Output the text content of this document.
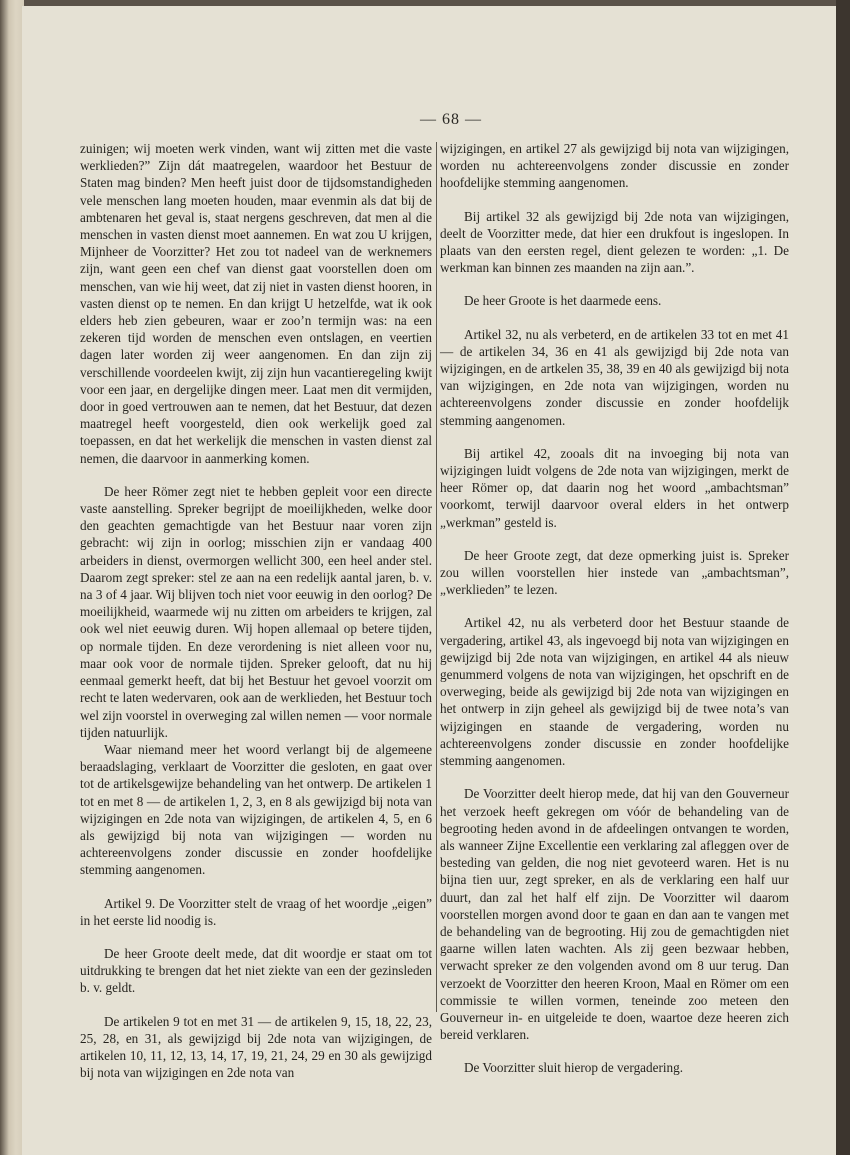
— 68 —

zuinigen; wij moeten werk vinden, want wij zitten met die vaste werklieden?” Zijn dát maatregelen, waardoor het Bestuur de Staten mag binden? Men heeft juist door de tijdsomstandigheden vele menschen lang moeten houden, maar evenmin als dat bij de ambtenaren het geval is, staat nergens geschreven, dat men al die menschen in vasten dienst moet aannemen. En wat zou U krijgen, Mijnheer de Voorzitter? Het zou tot nadeel van de werknemers zijn, want geen een chef van dienst gaat voorstellen doen om menschen, van wie hij weet, dat zij niet in vasten dienst hooren, in vasten dienst op te nemen. En dan krijgt U hetzelfde, wat ik ook elders heb zien gebeuren, waar er zoo’n termijn was: na een zekeren tijd worden de menschen even ontslagen, en veertien dagen later worden zij weer aangenomen. En dan zijn zij verschillende voordeelen kwijt, zij zijn hun vacantieregeling kwijt voor een jaar, en dergelijke dingen meer. Laat men dit vermijden, door in goed vertrouwen aan te nemen, dat het Bestuur, dat dezen maatregel heeft voorgesteld, dien ook werkelijk goed zal toepassen, en dat het werkelijk die menschen in vasten dienst zal nemen, die daarvoor in aanmerking komen.

De heer Römer zegt niet te hebben gepleit voor een directe vaste aanstelling. Spreker begrijpt de moeilijkheden, welke door den geachten gemachtigde van het Bestuur naar voren zijn gebracht: wij zijn in oorlog; misschien zijn er vandaag 400 arbeiders in dienst, overmorgen wellicht 300, een heel ander stel. Daarom zegt spreker: stel ze aan na een redelijk aantal jaren, b. v. na 3 of 4 jaar. Wij blijven toch niet voor eeuwig in den oorlog? De moeilijkheid, waarmede wij nu zitten om arbeiders te krijgen, zal ook wel niet eeuwig duren. Wij hopen allemaal op betere tijden, op normale tijden. En deze verordening is niet alleen voor nu, maar ook voor de normale tijden. Spreker gelooft, dat nu hij eenmaal gemerkt heeft, dat bij het Bestuur het gevoel voorzit om recht te laten wedervaren, ook aan de werklieden, het Bestuur toch wel zijn voorstel in overweging zal willen nemen — voor normale tijden natuurlijk.

Waar niemand meer het woord verlangt bij de algemeene beraadslaging, verklaart de Voorzitter die gesloten, en gaat over tot de artikelsgewijze behandeling van het ontwerp. De artikelen 1 tot en met 8 — de artikelen 1, 2, 3, en 8 als gewijzigd bij nota van wijzigingen en 2de nota van wijzigingen, de artikelen 4, 5, en 6 als gewijzigd bij nota van wijzigingen — worden nu achtereenvolgens zonder discussie en zonder hoofdelijke stemming aangenomen.

Artikel 9. De Voorzitter stelt de vraag of het woordje „eigen” in het eerste lid noodig is.

De heer Groote deelt mede, dat dit woordje er staat om tot uitdrukking te brengen dat het niet ziekte van een der gezinsleden b. v. geldt.

De artikelen 9 tot en met 31 — de artikelen 9, 15, 18, 22, 23, 25, 28, en 31, als gewijzigd bij 2de nota van wijzigingen, de artikelen 10, 11, 12, 13, 14, 17, 19, 21, 24, 29 en 30 als gewijzigd bij nota van wijzigingen en 2de nota van

wijzigingen, en artikel 27 als gewijzigd bij nota van wijzigingen, worden nu achtereenvolgens zonder discussie en zonder hoofdelijke stemming aangenomen.

Bij artikel 32 als gewijzigd bij 2de nota van wijzigingen, deelt de Voorzitter mede, dat hier een drukfout is ingeslopen. In plaats van den eersten regel, dient gelezen te worden: „1. De werkman kan binnen zes maanden na zijn aan.”.

De heer Groote is het daarmede eens.

Artikel 32, nu als verbeterd, en de artikelen 33 tot en met 41 — de artikelen 34, 36 en 41 als gewijzigd bij 2de nota van wijzigingen, en de artkelen 35, 38, 39 en 40 als gewijzigd bij nota van wijzigingen, en 2de nota van wijzigingen, worden nu achtereenvolgens zonder discussie en zonder hoofdelijk stemming aangenomen.

Bij artikel 42, zooals dit na invoeging bij nota van wijzigingen luidt volgens de 2de nota van wijzigingen, merkt de heer Römer op, dat daarin nog het woord „ambachtsman” voorkomt, terwijl daarvoor overal elders in het ontwerp „werkman” gesteld is.

De heer Groote zegt, dat deze opmerking juist is. Spreker zou willen voorstellen hier instede van „ambachtsman”, „werklieden” te lezen.

Artikel 42, nu als verbeterd door het Bestuur staande de vergadering, artikel 43, als ingevoegd bij nota van wijzigingen en gewijzigd bij 2de nota van wijzigingen, en artikel 44 als nieuw genummerd volgens de nota van wijzigingen, het opschrift en de overweging, beide als gewijzigd bij 2de nota van wijzigingen en het ontwerp in zijn geheel als gewijzigd bij de twee nota’s van wijzigingen en staande de vergadering, worden nu achtereenvolgens zonder discussie en zonder hoofdelijke stemming aangenomen.

De Voorzitter deelt hierop mede, dat hij van den Gouverneur het verzoek heeft gekregen om vóór de behandeling van de begrooting heden avond in de afdeelingen ontvangen te worden, als wanneer Zijne Excellentie een verklaring zal afleggen over de besteding van gelden, die nog niet gevoteerd waren. Het is nu bijna tien uur, zegt spreker, en als de verklaring een half uur duurt, dan zal het half elf zijn. De Voorzitter wil daarom voorstellen morgen avond door te gaan en dan aan te vangen met de behandeling van de begrooting. Hij zou de gemachtigden niet gaarne willen laten wachten. Als zij geen bezwaar hebben, verwacht spreker ze den volgenden avond om 8 uur terug. Dan verzoekt de Voorzitter den heeren Kroon, Maal en Römer om een commissie te willen vormen, teneinde zoo meteen den Gouverneur in- en uitgeleide te doen, waartoe deze heeren zich bereid verklaren.

De Voorzitter sluit hierop de vergadering.
